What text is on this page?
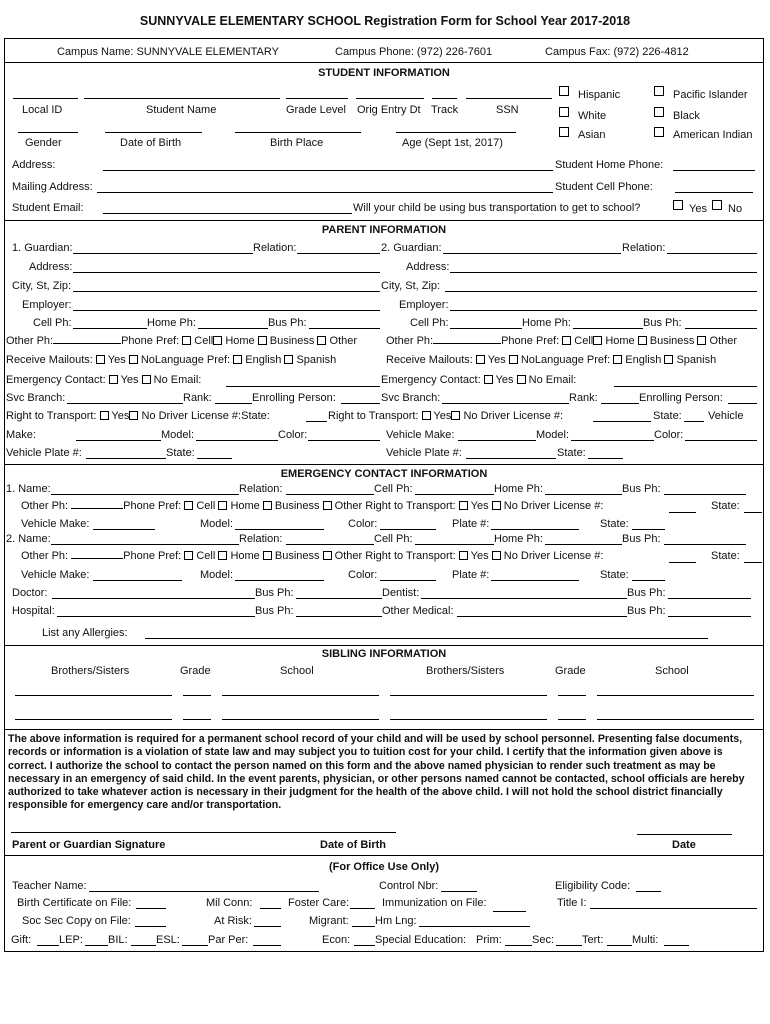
SUNNYVALE ELEMENTARY SCHOOL Registration Form for School Year 2017-2018
Campus Name: SUNNYVALE ELEMENTARY	Campus Phone: (972) 226-7601	Campus Fax: (972) 226-4812
STUDENT INFORMATION
Local ID	Student Name	Grade Level Orig Entry Dt Track	SSN
Hispanic	Pacific Islander
White	Black
Asian	American Indian
Gender	Date of Birth	Birth Place	Age (Sept 1st, 2017)
Address:	Student Home Phone:
Mailing Address:	Student Cell Phone:
Student Email:	Will your child be using bus transportation to get to school?	Yes No
PARENT INFORMATION
1. Guardian:	Relation:	2. Guardian:	Relation:
Address:	Address:
City, St, Zip:	City, St, Zip:
Employer:	Employer:
Cell Ph:	Home Ph:	Bus Ph:	Cell Ph:	Home Ph:	Bus Ph:
Other Ph:	Phone Pref: Cell Home Business Other	Other Ph:	Phone Pref: Cell Home Business Other
Receive Mailouts: Yes NoLanguage Pref: English Spanish	Receive Mailouts: Yes NoLanguage Pref: English Spanish
Emergency Contact: Yes No Email:	Emergency Contact: Yes No Email:
Svc Branch:	Rank:	Enrolling Person:	Svc Branch:	Rank:	Enrolling Person:
Right to Transport: Yes No Driver License #:State:	Right to Transport: Yes No Driver License #:	State: Vehicle
Make:	Model:	Color:	Vehicle Make:	Model:	Color:
Vehicle Plate #:	State:	Vehicle Plate #:	State:
EMERGENCY CONTACT INFORMATION
1. Name:	Relation:	Cell Ph:	Home Ph:	Bus Ph:
Other Ph:	Phone Pref: Cell Home Business Other Right to Transport: Yes No Driver License #:	State:
Vehicle Make:	Model:	Color:	Plate #:	State:
2. Name:	Relation:	Cell Ph:	Home Ph:	Bus Ph:
Other Ph:	Phone Pref: Cell Home Business Other Right to Transport: Yes No Driver License #:	State:
Vehicle Make:	Model:	Color:	Plate #:	State:
Doctor:	Bus Ph:	Dentist:	Bus Ph:
Hospital:	Bus Ph:	Other Medical:	Bus Ph:
List any Allergies:
SIBLING INFORMATION
Brothers/Sisters	Grade	School	Brothers/Sisters	Grade	School
The above information is required for a permanent school record of your child and will be used by school personnel. Presenting false documents, records or information is a violation of state law and may subject you to tuition cost for your child. I certify that the information given above is correct. I authorize the school to contact the person named on this form and the above named physician to render such treatment as may be necessary in an emergency of said child. In the event parents, physician, or other persons named cannot be contacted, school officials are hereby authorized to take whatever action is necessary in their judgment for the health of the above child. I will not hold the school district financially responsible for emergency care and/or transportation.
Parent or Guardian Signature	Date of Birth	Date
(For Office Use Only)
Teacher Name:	Control Nbr:	Eligibility Code:
Birth Certificate on File:	Mil Conn:	Foster Care:	Immunization on File:	Title I:
Soc Sec Copy on File:	At Risk:	Migrant: Hm Lng:
Gift:	LEP: BIL:	ESL:	Par Per:	Econ: Special Education: Prim:	Sec:	Tert:	Multi:
